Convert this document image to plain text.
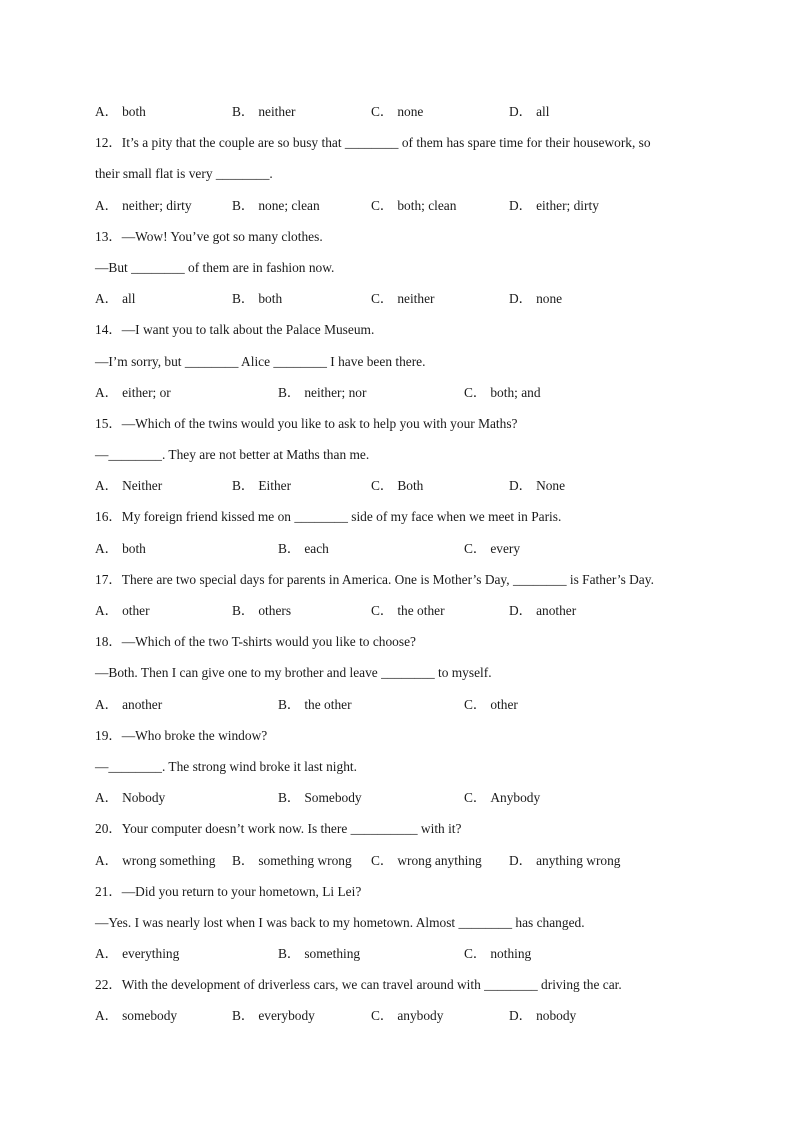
A． both	B． neither	C． none	D． all
12．It’s a pity that the couple are so busy that ________ of them has spare time for their housework, so
their small flat is very ________.
A． neither; dirty	B． none; clean	C． both; clean	D． either; dirty
13．—Wow! You’ve got so many clothes.
—But ________ of them are in fashion now.
A． all	B． both	C． neither	D． none
14．—I want you to talk about the Palace Museum.
—I’m sorry, but ________ Alice ________ I have been there.
A． either; or	B． neither; nor	C． both; and
15．—Which of the twins would you like to ask to help you with your Maths?
—________. They are not better at Maths than me.
A． Neither	B． Either	C． Both	D． None
16．My foreign friend kissed me on ________ side of my face when we meet in Paris.
A． both	B． each	C． every
17．There are two special days for parents in America. One is Mother’s Day, ________ is Father’s Day.
A． other	B． others	C． the other	D． another
18．—Which of the two T-shirts would you like to choose?
—Both. Then I can give one to my brother and leave ________ to myself.
A． another	B． the other	C． other
19．—Who broke the window?
—________. The strong wind broke it last night.
A． Nobody	B． Somebody	C． Anybody
20．Your computer doesn’t work now. Is there __________ with it?
A． wrong something B． something wrong C． wrong anything D． anything wrong
21．—Did you return to your hometown, Li Lei?
—Yes. I was nearly lost when I was back to my hometown. Almost ________ has changed.
A． everything	B． something	C． nothing
22．With the development of driverless cars, we can travel around with ________ driving the car.
A． somebody	B． everybody	C． anybody	D． nobody
